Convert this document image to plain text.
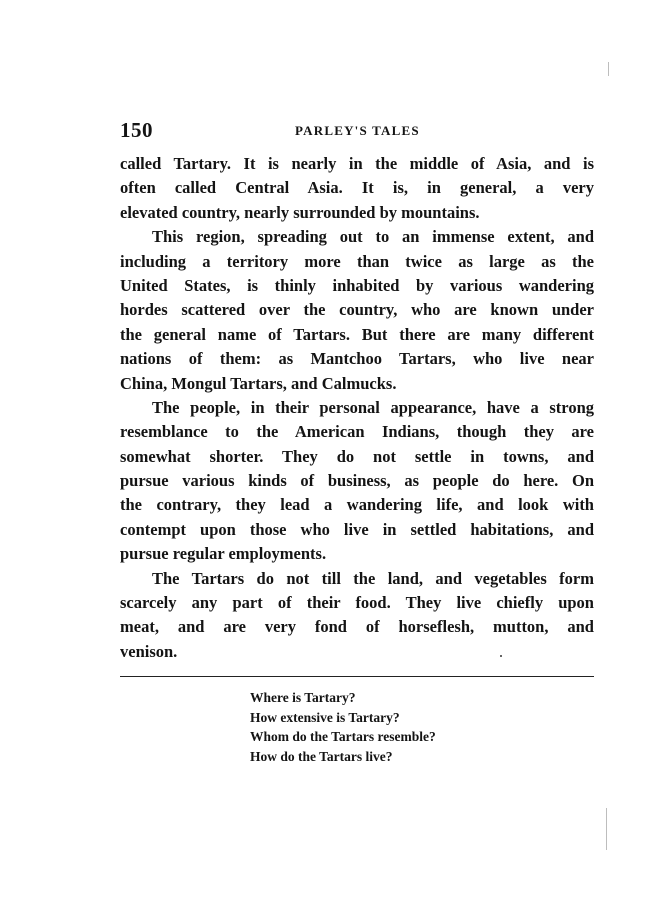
150	PARLEY'S TALES
called Tartary. It is nearly in the middle of Asia, and is
often called Central Asia. It is, in general, a very
elevated country, nearly surrounded by mountains.
This region, spreading out to an immense extent, and
including a territory more than twice as large as the
United States, is thinly inhabited by various wandering
hordes scattered over the country, who are known under
the general name of Tartars. But there are many different
nations of them: as Mantchoo Tartars, who live near
China, Mongul Tartars, and Calmucks.
The people, in their personal appearance, have a strong
resemblance to the American Indians, though they are
somewhat shorter. They do not settle in towns, and
pursue various kinds of business, as people do here. On
the contrary, they lead a wandering life, and look with
contempt upon those who live in settled habitations, and
pursue regular employments.
The Tartars do not till the land, and vegetables form
scarcely any part of their food. They live chiefly upon
meat, and are very fond of horseflesh, mutton, and
venison.
Where is Tartary?
How extensive is Tartary?
Whom do the Tartars resemble?
How do the Tartars live?
